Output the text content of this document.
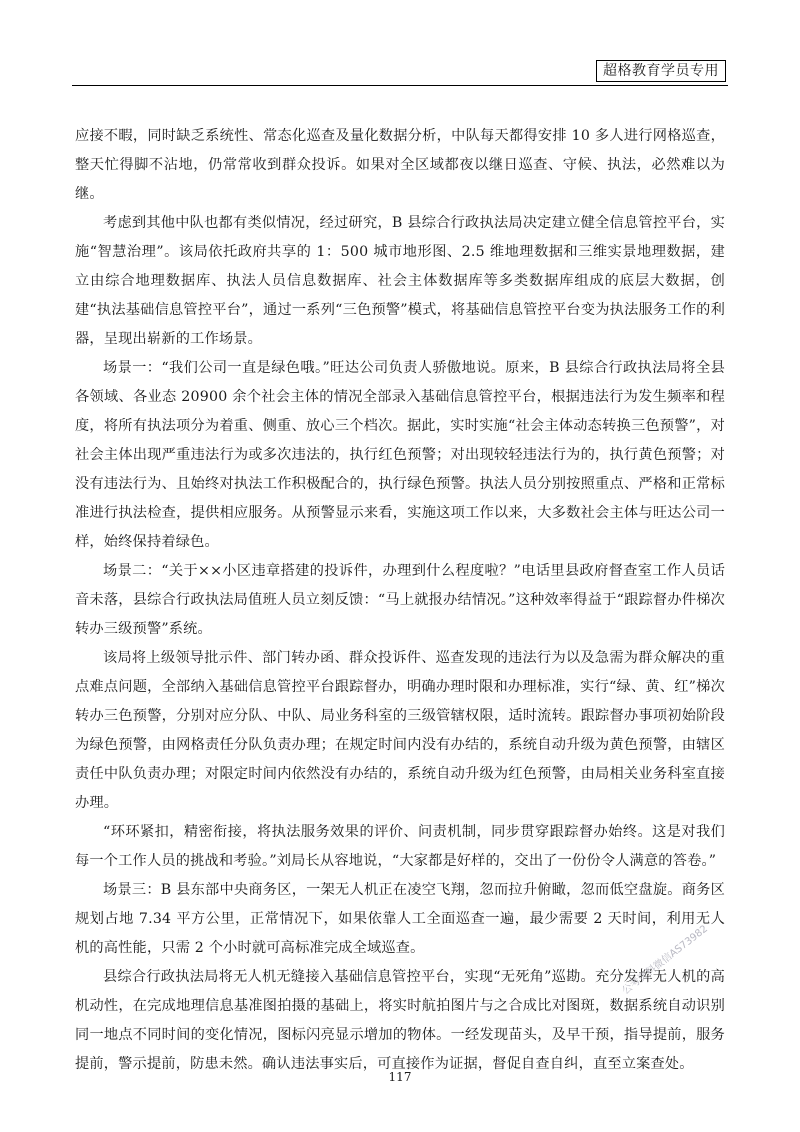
超格教育学员专用

应接不暇，同时缺乏系统性、常态化巡查及量化数据分析，中队每天都得安排 10 多人进行网格巡查，整天忙得脚不沾地，仍常常收到群众投诉。如果对全区域都夜以继日巡查、守候、执法，必然难以为继。

考虑到其他中队也都有类似情况，经过研究，B 县综合行政执法局决定建立健全信息管控平台，实施“智慧治理”。该局依托政府共享的 1：500 城市地形图、2.5 维地理数据和三维实景地理数据，建立由综合地理数据库、执法人员信息数据库、社会主体数据库等多类数据库组成的底层大数据，创建“执法基础信息管控平台”，通过一系列“三色预警”模式，将基础信息管控平台变为执法服务工作的利器，呈现出崭新的工作场景。

场景一：“我们公司一直是绿色哦。”旺达公司负责人骄傲地说。原来，B 县综合行政执法局将全县各领域、各业态 20900 余个社会主体的情况全部录入基础信息管控平台，根据违法行为发生频率和程度，将所有执法项分为着重、侧重、放心三个档次。据此，实时实施“社会主体动态转换三色预警”，对社会主体出现严重违法行为或多次违法的，执行红色预警；对出现较轻违法行为的，执行黄色预警；对没有违法行为、且始终对执法工作积极配合的，执行绿色预警。执法人员分别按照重点、严格和正常标准进行执法检查，提供相应服务。从预警显示来看，实施这项工作以来，大多数社会主体与旺达公司一样，始终保持着绿色。

场景二：“关于××小区违章搭建的投诉件，办理到什么程度啦？”电话里县政府督查室工作人员话音未落，县综合行政执法局值班人员立刻反馈：“马上就报办结情况。”这种效率得益于“跟踪督办件梯次转办三级预警”系统。

该局将上级领导批示件、部门转办函、群众投诉件、巡查发现的违法行为以及急需为群众解决的重点难点问题，全部纳入基础信息管控平台跟踪督办，明确办理时限和办理标准，实行“绿、黄、红”梯次转办三色预警，分别对应分队、中队、局业务科室的三级管辖权限，适时流转。跟踪督办事项初始阶段为绿色预警，由网格责任分队负责办理；在规定时间内没有办结的，系统自动升级为黄色预警，由辖区责任中队负责办理；对限定时间内依然没有办结的，系统自动升级为红色预警，由局相关业务科室直接办理。

“环环紧扣，精密衔接，将执法服务效果的评价、问责机制，同步贯穿跟踪督办始终。这是对我们每一个工作人员的挑战和考验。”刘局长从容地说，“大家都是好样的，交出了一份份令人满意的答卷。”

场景三：B 县东部中央商务区，一架无人机正在凌空飞翔，忽而拉升俯瞰，忽而低空盘旋。商务区规划占地 7.34 平方公里，正常情况下，如果依靠人工全面巡查一遍，最少需要 2 天时间，利用无人机的高性能，只需 2 个小时就可高标准完成全域巡查。

县综合行政执法局将无人机无缝接入基础信息管控平台，实现“无死角”巡勘。充分发挥无人机的高机动性，在完成地理信息基准图拍摄的基础上，将实时航拍图片与之合成比对图斑，数据系统自动识别同一地点不同时间的变化情况，图标闪亮显示增加的物体。一经发现苗头，及早干预，指导提前，服务提前，警示提前，防患未然。确认违法事实后，可直接作为证据，督促自查自纠，直至立案查处。

公考资料微信AS73982
117
